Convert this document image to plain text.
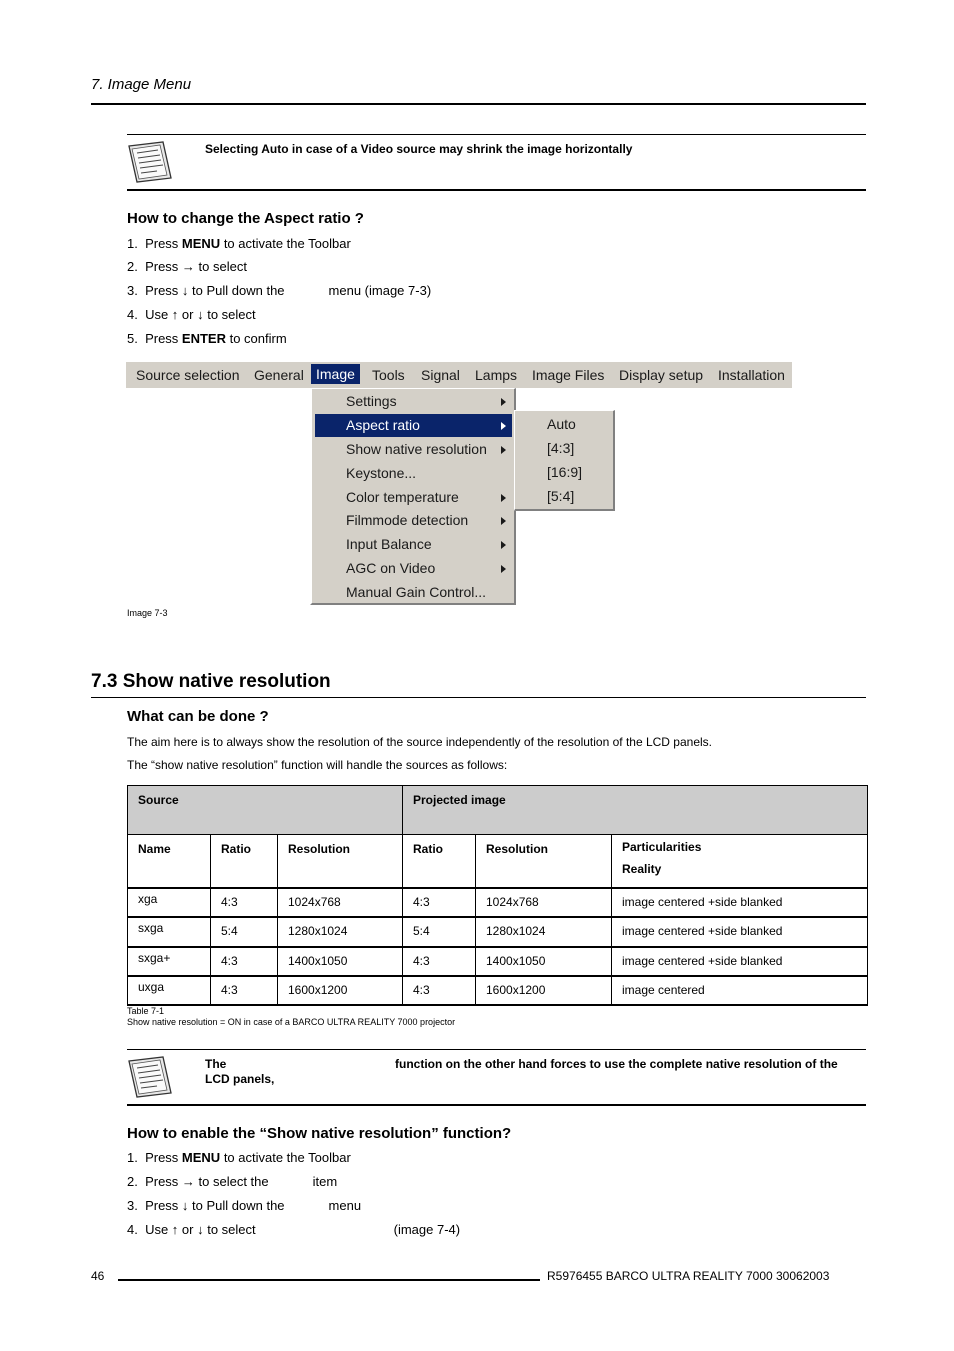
7. Image Menu
Selecting Auto in case of a Video source may shrink the image horizontally
How to change the Aspect ratio ?
1. Press MENU to activate the Toolbar
2. Press → to select
3. Press ↓ to Pull down the	menu (image 7-3)
4. Use ↑ or ↓ to select
5. Press ENTER to confirm
Source selection General Image	Tools Signal Lamps Image Files Display setup Installation
Settings
Aspect ratio
Show native resolution
Keystone...
Color temperature
Filmmode detection
Input Balance
AGC on Video
Manual Gain Control...
Auto
[4:3]
[16:9]
[5:4]
Image 7-3
7.3 Show native resolution
What can be done ?
The aim here is to always show the resolution of the source independently of the resolution of the LCD panels.
The “show native resolution” function will handle the sources as follows:
Source			Projected image		
Name	Ratio	Resolution	Ratio	Resolution	Particularities
Reality

xga	4:3	1024x768	4:3	1024x768	image centered +side blanked
sxga	5:4	1280x1024	5:4	1280x1024	image centered +side blanked
sxga+	4:3	1400x1050	4:3	1400x1050	image centered +side blanked
uxga	4:3	1600x1200	4:3	1600x1200	image centered
Table 7-1
Show native resolution = ON in case of a BARCO ULTRA REALITY 7000 projector
The	function on the other hand forces to use the complete native resolution of the
LCD panels,
How to enable the “Show native resolution” function?
1. Press MENU to activate the Toolbar
2. Press → to select the	item
3. Press ↓ to Pull down the	menu
4. Use ↑ or ↓ to select	(image 7-4)
46	R5976455 BARCO ULTRA REALITY 7000 30062003
